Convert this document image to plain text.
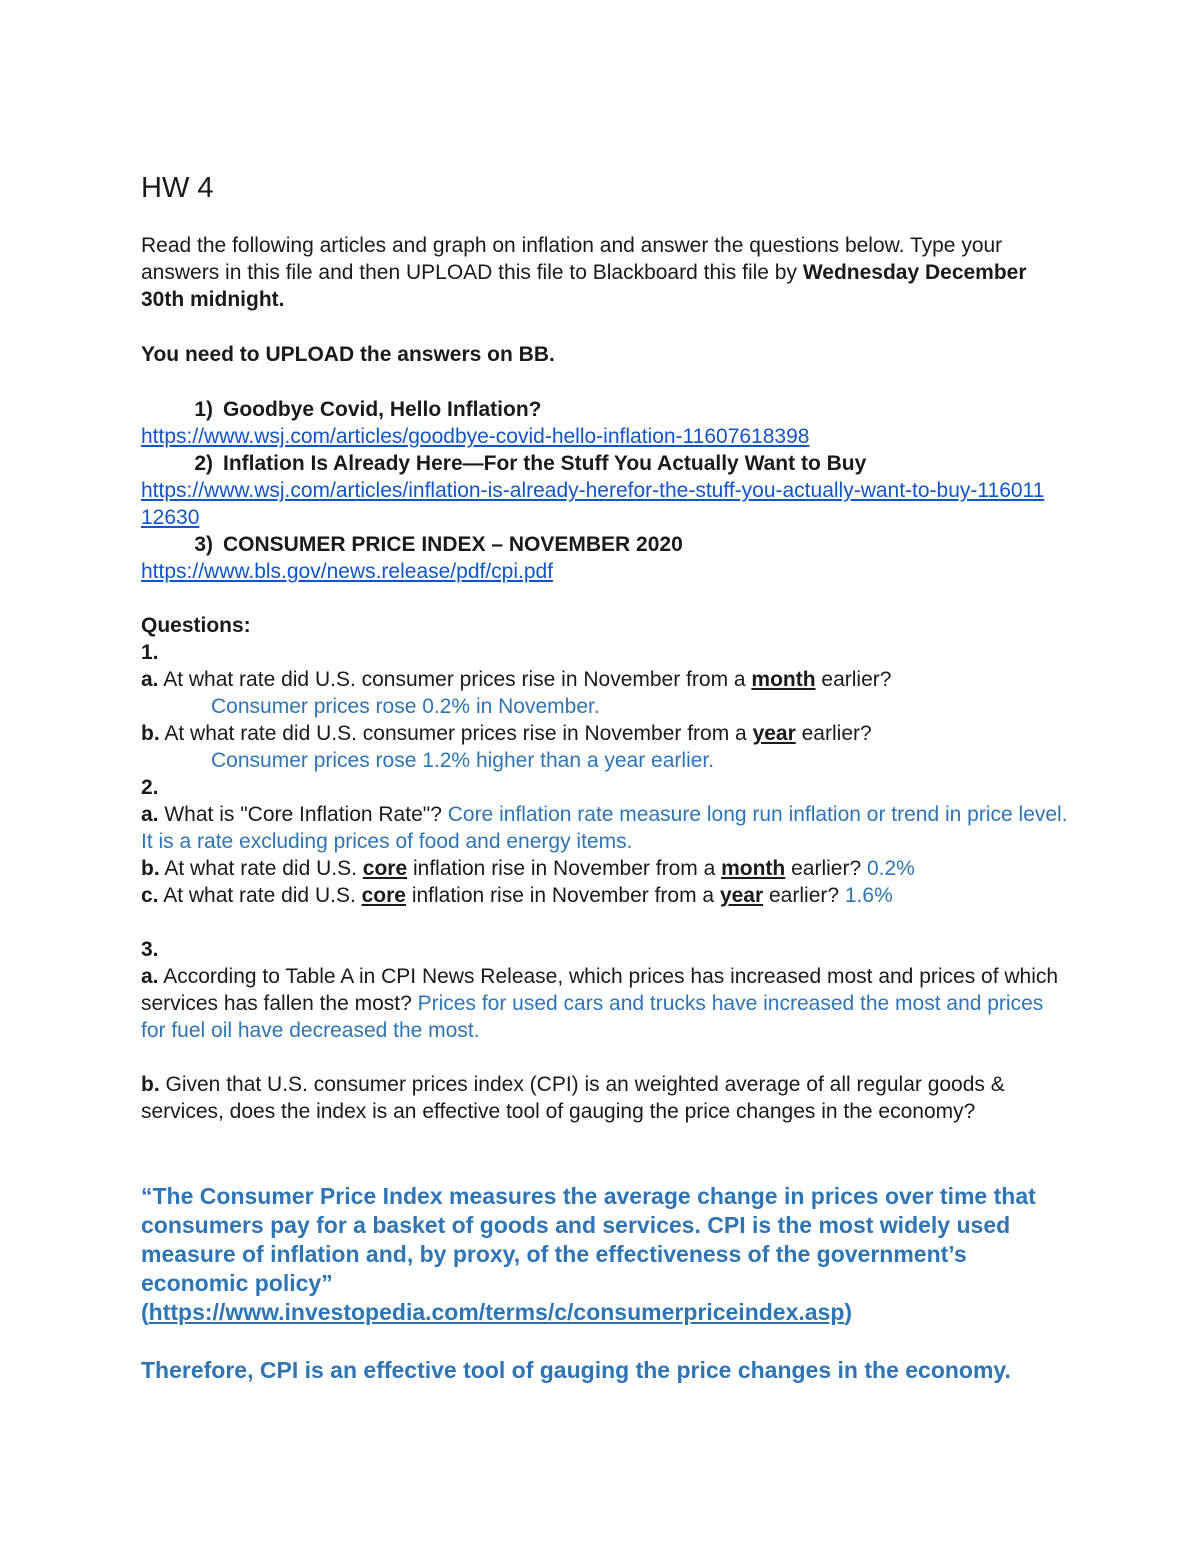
HW 4
Read the following articles and graph on inflation and answer the questions below. Type your answers in this file and then UPLOAD this file to Blackboard this file by Wednesday December 30th midnight.
You need to UPLOAD the answers on BB.
1) Goodbye Covid, Hello Inflation?
https://www.wsj.com/articles/goodbye-covid-hello-inflation-11607618398
2) Inflation Is Already Here—For the Stuff You Actually Want to Buy
https://www.wsj.com/articles/inflation-is-already-herefor-the-stuff-you-actually-want-to-buy-11601112630
3) CONSUMER PRICE INDEX – NOVEMBER 2020
https://www.bls.gov/news.release/pdf/cpi.pdf
Questions:
1.
a. At what rate did U.S. consumer prices rise in November from a month earlier?
Consumer prices rose 0.2% in November.
b. At what rate did U.S. consumer prices rise in November from a year earlier?
Consumer prices rose 1.2% higher than a year earlier.
2.
a. What is "Core Inflation Rate"? Core inflation rate measure long run inflation or trend in price level. It is a rate excluding prices of food and energy items.
b. At what rate did U.S. core inflation rise in November from a month earlier? 0.2%
c. At what rate did U.S. core inflation rise in November from a year earlier? 1.6%
3.
a. According to Table A in CPI News Release, which prices has increased most and prices of which services has fallen the most? Prices for used cars and trucks have increased the most and prices for fuel oil have decreased the most.
b. Given that U.S. consumer prices index (CPI) is an weighted average of all regular goods & services, does the index is an effective tool of gauging the price changes in the economy?
“The Consumer Price Index measures the average change in prices over time that consumers pay for a basket of goods and services. CPI is the most widely used measure of inflation and, by proxy, of the effectiveness of the government’s economic policy”
(https://www.investopedia.com/terms/c/consumerpriceindex.asp)
Therefore, CPI is an effective tool of gauging the price changes in the economy.
